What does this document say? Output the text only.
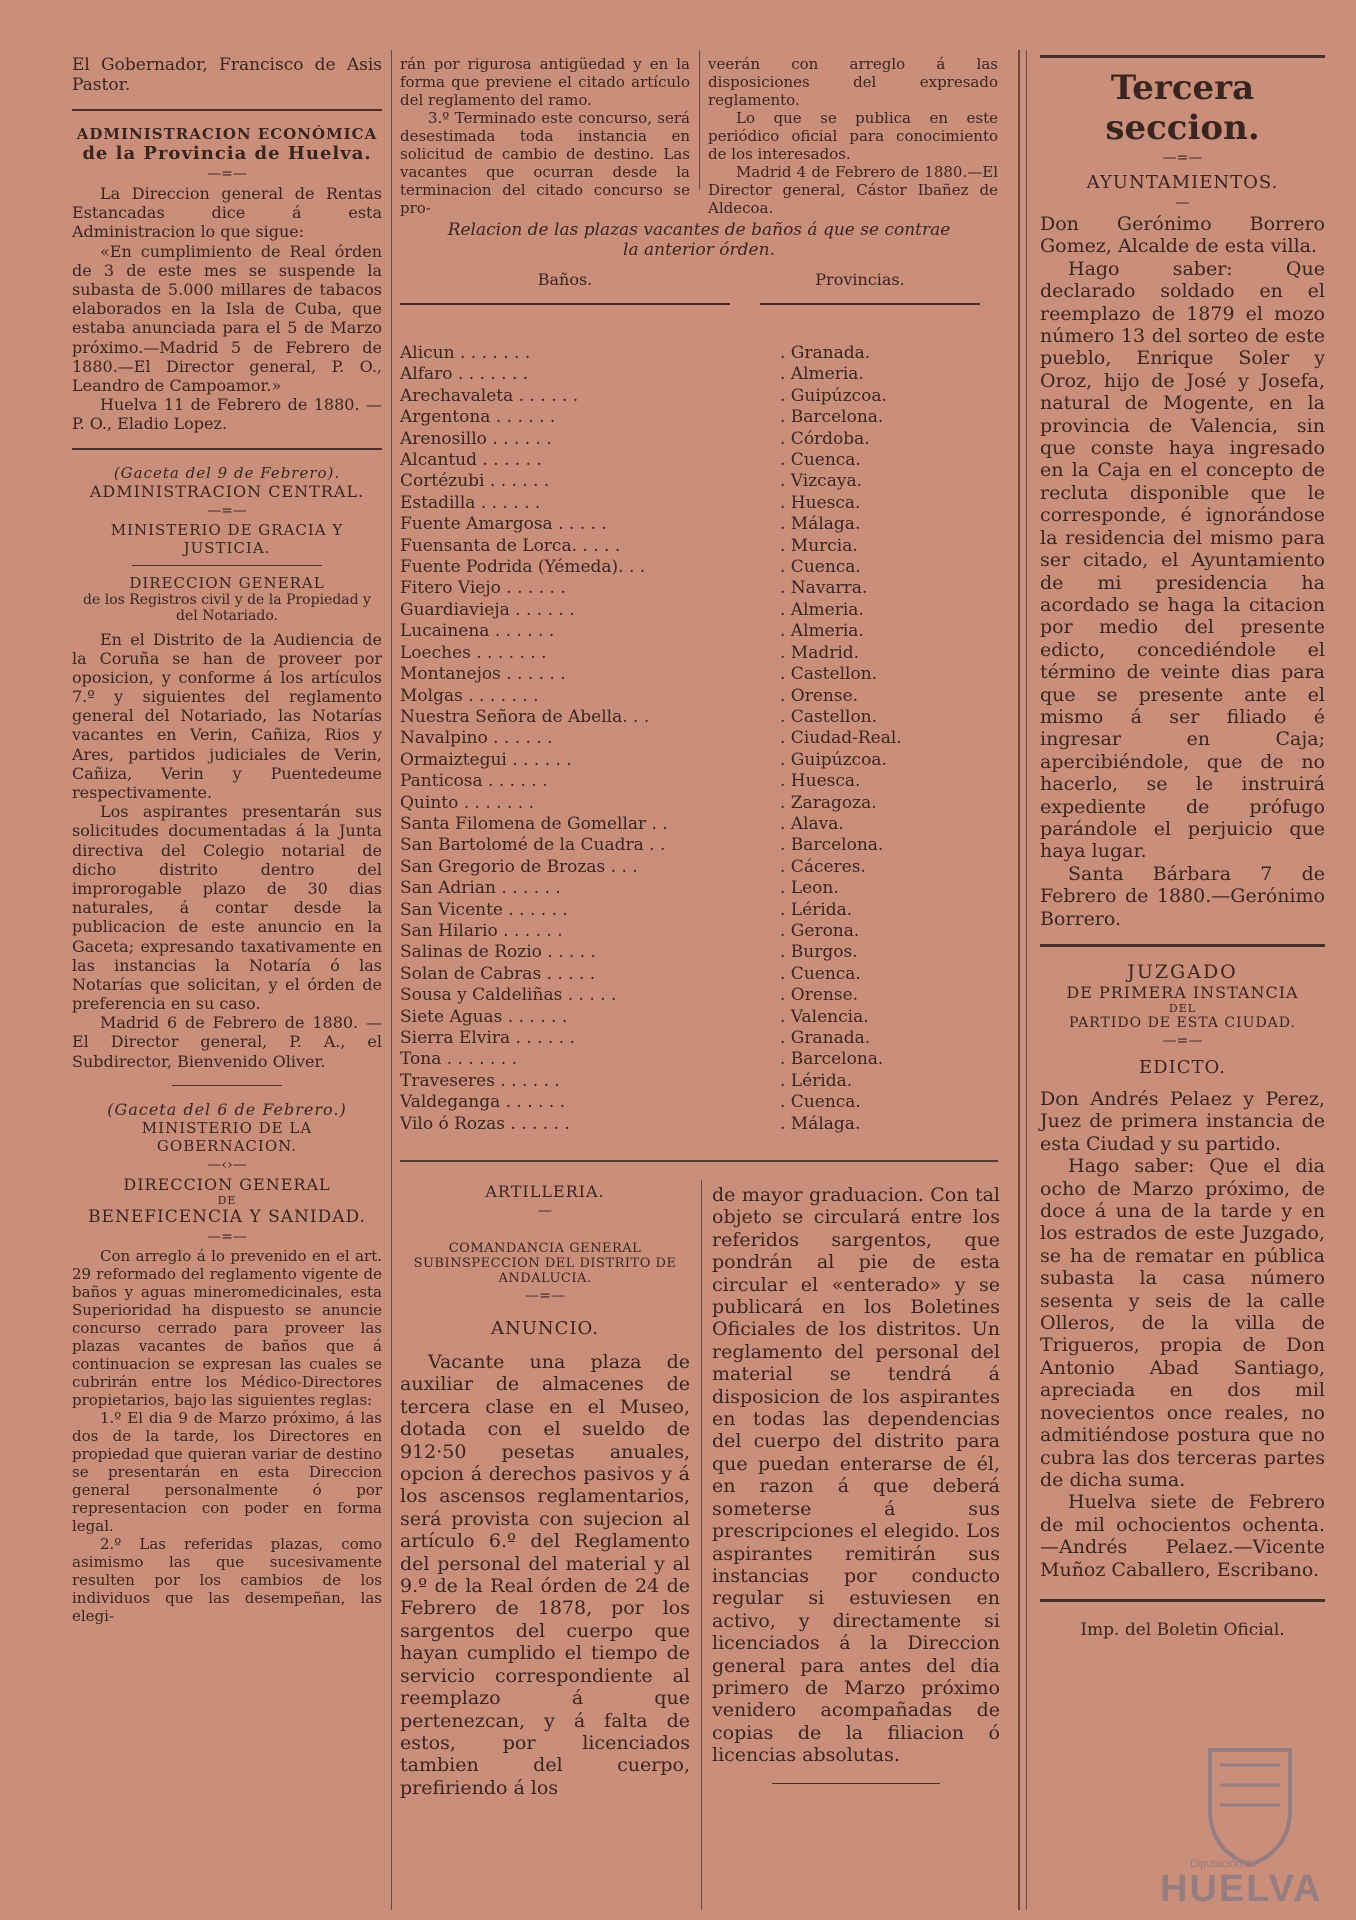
El Gobernador, Francisco de Asis Pastor.

ADMINISTRACION ECONÓMICA

de la Provincia de Huelva.

—=—

La Direccion general de Rentas Estancadas dice á esta Administracion lo que sigue:

«En cumplimiento de Real órden de 3 de este mes se suspende la subasta de 5.000 millares de tabacos elaborados en la Isla de Cuba, que estaba anunciada para el 5 de Marzo próximo.—Madrid 5 de Febrero de 1880.—El Director general, P. O., Leandro de Campoamor.»

Huelva 11 de Febrero de 1880. —P. O., Eladio Lopez.

(Gaceta del 9 de Febrero).

ADMINISTRACION CENTRAL.

—=—

MINISTERIO DE GRACIA Y JUSTICIA.

DIRECCION GENERAL

de los Registros civil y de la Propiedad y del Notariado.

En el Distrito de la Audiencia de la Coruña se han de proveer por oposicion, y conforme á los artículos 7.º y siguientes del reglamento general del Notariado, las Notarías vacantes en Verin, Cañiza, Rios y Ares, partidos judiciales de Verin, Cañiza, Verin y Puentedeume respectivamente.

Los aspirantes presentarán sus solicitudes documentadas á la Junta directiva del Colegio notarial de dicho distrito dentro del improrogable plazo de 30 dias naturales, á contar desde la publicacion de este anuncio en la Gaceta; expresando taxativamente en las instancias la Notaría ó las Notarías que solicitan, y el órden de preferencia en su caso.

Madrid 6 de Febrero de 1880. —El Director general, P. A., el Subdirector, Bienvenido Oliver.

(Gaceta del 6 de Febrero.)

MINISTERIO DE LA GOBERNACION.

—‹›—

DIRECCION GENERAL

DE

BENEFICENCIA Y SANIDAD.

—=—

Con arreglo á lo prevenido en el art. 29 reformado del reglamento vigente de baños y aguas mineromedicinales, esta Superioridad ha dispuesto se anuncie concurso cerrado para proveer las plazas vacantes de baños que á continuacion se expresan las cuales se cubrirán entre los Médico-Directores propietarios, bajo las siguientes reglas:

1.º El dia 9 de Marzo próximo, á las dos de la tarde, los Directores en propiedad que quieran variar de destino se presentarán en esta Direccion general personalmente ó por representacion con poder en forma legal.

2.º Las referidas plazas, como asimismo las que sucesivamente resulten por los cambios de los individuos que las desempeñan, las elegi-

rán por rigurosa antigüedad y en la forma que previene el citado artículo del reglamento del ramo.

3.º Terminado este concurso, será desestimada toda instancia en solicitud de cambio de destino. Las vacantes que ocurran desde la terminacion del citado concurso se pro-

veerán con arreglo á las disposiciones del expresado reglamento.

Lo que se publica en este periódico oficial para conocimiento de los interesados.

Madrid 4 de Febrero de 1880.—El Director general, Cástor Ibañez de Aldecoa.

Relacion de las plazas vacantes de baños á que se contrae la anterior órden.

Baños.	Provincias.
Alicun . . . . . . .	. Granada.
Alfaro . . . . . . .	. Almeria.
Arechavaleta . . . . . .	. Guipúzcoa.
Argentona . . . . . .	. Barcelona.
Arenosillo . . . . . .	. Córdoba.
Alcantud . . . . . .	. Cuenca.
Cortézubi . . . . . .	. Vizcaya.
Estadilla . . . . . .	. Huesca.
Fuente Amargosa . . . . .	. Málaga.
Fuensanta de Lorca. . . . .	. Murcia.
Fuente Podrida (Yémeda). . .	. Cuenca.
Fitero Viejo . . . . . .	. Navarra.
Guardiavieja . . . . . .	. Almeria.
Lucainena . . . . . .	. Almeria.
Loeches . . . . . . .	. Madrid.
Montanejos . . . . . .	. Castellon.
Molgas . . . . . . .	. Orense.
Nuestra Señora de Abella. . .	. Castellon.
Navalpino . . . . . .	. Ciudad-Real.
Ormaiztegui . . . . . .	. Guipúzcoa.
Panticosa . . . . . .	. Huesca.
Quinto . . . . . . .	. Zaragoza.
Santa Filomena de Gomellar . .	. Alava.
San Bartolomé de la Cuadra . .	. Barcelona.
San Gregorio de Brozas . . .	. Cáceres.
San Adrian . . . . . .	. Leon.
San Vicente . . . . . .	. Lérida.
San Hilario . . . . . .	. Gerona.
Salinas de Rozio . . . . .	. Burgos.
Solan de Cabras . . . . .	. Cuenca.
Sousa y Caldeliñas . . . . .	. Orense.
Siete Aguas . . . . . .	. Valencia.
Sierra Elvira . . . . . .	. Granada.
Tona . . . . . . .	. Barcelona.
Traveseres . . . . . .	. Lérida.
Valdeganga . . . . . .	. Cuenca.
Vilo ó Rozas . . . . . .	. Málaga.

ARTILLERIA.

—

COMANDANCIA GENERAL SUBINSPECCION DEL DISTRITO DE ANDALUCIA.

—=—

ANUNCIO.

Vacante una plaza de auxiliar de almacenes de tercera clase en el Museo, dotada con el sueldo de 912·50 pesetas anuales, opcion á derechos pasivos y á los ascensos reglamentarios, será provista con sujecion al artículo 6.º del Reglamento del personal del material y al 9.º de la Real órden de 24 de Febrero de 1878, por los sargentos del cuerpo que hayan cumplido el tiempo de servicio correspondiente al reemplazo á que pertenezcan, y á falta de estos, por licenciados tambien del cuerpo, prefiriendo á los

de mayor graduacion. Con tal objeto se circulará entre los referidos sargentos, que pondrán al pie de esta circular el «enterado» y se publicará en los Boletines Oficiales de los distritos. Un reglamento del personal del material se tendrá á disposicion de los aspirantes en todas las dependencias del cuerpo del distrito para que puedan enterarse de él, en razon á que deberá someterse á sus prescripciones el elegido. Los aspirantes remitirán sus instancias por conducto regular si estuviesen en activo, y directamente si licenciados á la Direccion general para antes del dia primero de Marzo próximo venidero acompañadas de copias de la filiacion ó licencias absolutas.

Tercera seccion.

—=—

AYUNTAMIENTOS.

—

Don Gerónimo Borrero Gomez, Alcalde de esta villa.

Hago saber: Que declarado soldado en el reemplazo de 1879 el mozo número 13 del sorteo de este pueblo, Enrique Soler y Oroz, hijo de José y Josefa, natural de Mogente, en la provincia de Valencia, sin que conste haya ingresado en la Caja en el concepto de recluta disponible que le corresponde, é ignorándose la residencia del mismo para ser citado, el Ayuntamiento de mi presidencia ha acordado se haga la citacion por medio del presente edicto, concediéndole el término de veinte dias para que se presente ante el mismo á ser filiado é ingresar en Caja; apercibiéndole, que de no hacerlo, se le instruirá expediente de prófugo parándole el perjuicio que haya lugar.

Santa Bárbara 7 de Febrero de 1880.—Gerónimo Borrero.

JUZGADO

DE PRIMERA INSTANCIA

DEL

PARTIDO DE ESTA CIUDAD.

—=—

EDICTO.

Don Andrés Pelaez y Perez, Juez de primera instancia de esta Ciudad y su partido.

Hago saber: Que el dia ocho de Marzo próximo, de doce á una de la tarde y en los estrados de este Juzgado, se ha de rematar en pública subasta la casa número sesenta y seis de la calle Olleros, de la villa de Trigueros, propia de Don Antonio Abad Santiago, apreciada en dos mil novecientos once reales, no admitiéndose postura que no cubra las dos terceras partes de dicha suma.

Huelva siete de Febrero de mil ochocientos ochenta. —Andrés Pelaez.—Vicente Muñoz Caballero, Escribano.

Imp. del Boletin Oficial.

Diputación de
HUELVA
